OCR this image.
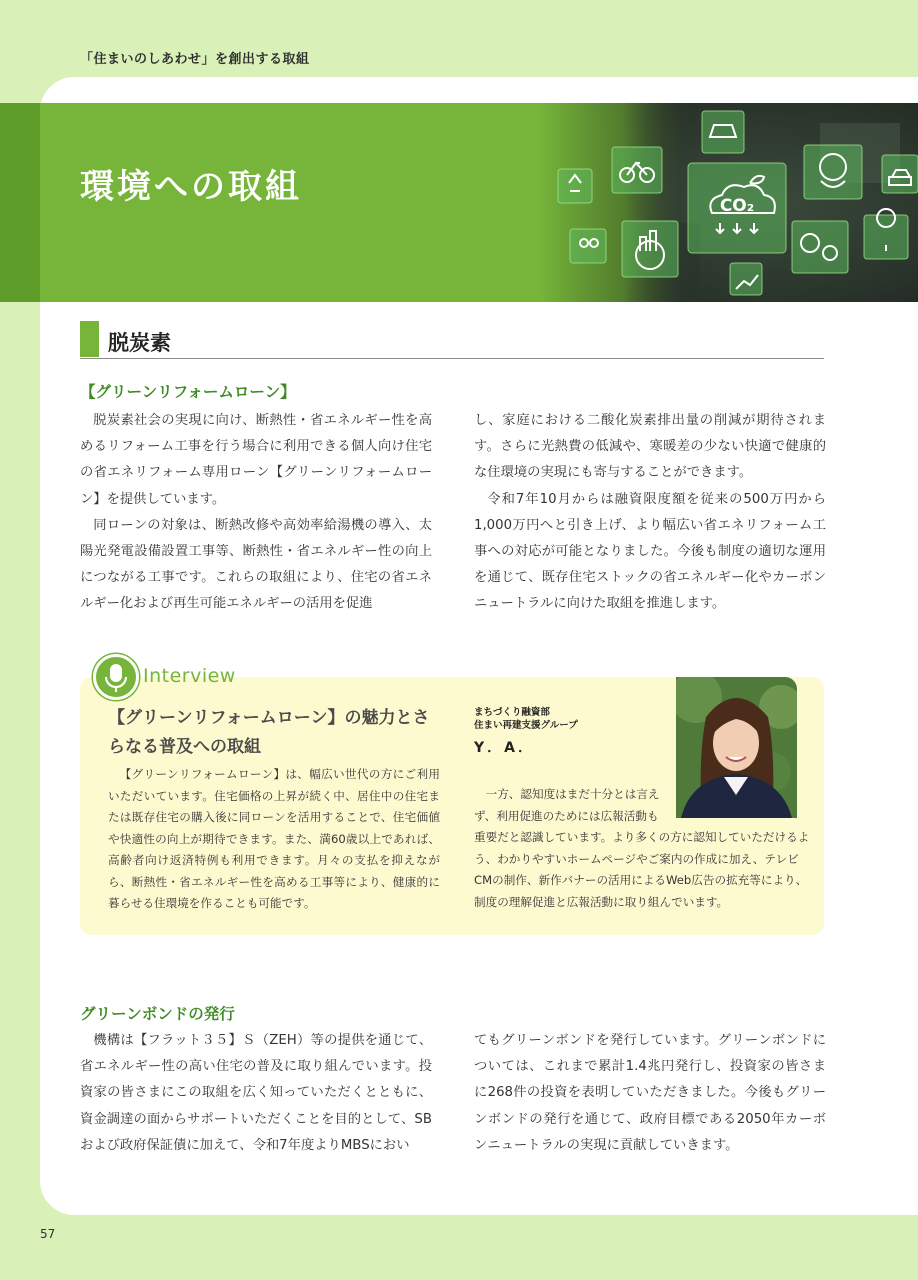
「住まいのしあわせ」を創出する取組
環境への取組	CO₂
脱炭素
【グリーンリフォームローン】

脱炭素社会の実現に向け、断熱性・省エネルギー性を高めるリフォーム工事を行う場合に利用できる個人向け住宅の省エネリフォーム専用ローン【グリーンリフォームローン】を提供しています。

同ローンの対象は、断熱改修や高効率給湯機の導入、太陽光発電設備設置工事等、断熱性・省エネルギー性の向上につながる工事です。これらの取組により、住宅の省エネルギー化および再生可能エネルギーの活用を促進

し、家庭における二酸化炭素排出量の削減が期待されます。さらに光熱費の低減や、寒暖差の少ない快適で健康的な住環境の実現にも寄与することができます。

令和7年10月からは融資限度額を従来の500万円から1,000万円へと引き上げ、より幅広い省エネリフォーム工事への対応が可能となりました。今後も制度の適切な運用を通じて、既存住宅ストックの省エネルギー化やカーボンニュートラルに向けた取組を推進します。

Interview
【グリーンリフォームローン】の魅力とさらなる普及への取組

【グリーンリフォームローン】は、幅広い世代の方にご利用いただいています。住宅価格の上昇が続く中、居住中の住宅または既存住宅の購入後に同ローンを活用することで、住宅価値や快適性の向上が期待できます。また、満60歳以上であれば、高齢者向け返済特例も利用できます。月々の支払を抑えながら、断熱性・省エネルギー性を高める工事等により、健康的に暮らせる住環境を作ることも可能です。

まちづくり融資部
住まい再建支援グループ
Y．A．

一方、認知度はまだ十分とは言えず、利用促進のためには広報活動も

重要だと認識しています。より多くの方に認知していただけるよう、わかりやすいホームページやご案内の作成に加え、テレビCMの制作、新作バナーの活用によるWeb広告の拡充等により、制度の理解促進と広報活動に取り組んでいます。

グリーンボンドの発行

機構は【フラット３５】Ｓ（ZEH）等の提供を通じて、省エネルギー性の高い住宅の普及に取り組んでいます。投資家の皆さまにこの取組を広く知っていただくとともに、資金調達の面からサポートいただくことを目的として、SBおよび政府保証債に加えて、令和7年度よりMBSにおい

てもグリーンボンドを発行しています。グリーンボンドについては、これまで累計1.4兆円発行し、投資家の皆さまに268件の投資を表明していただきました。今後もグリーンボンドの発行を通じて、政府目標である2050年カーボンニュートラルの実現に貢献していきます。

57
